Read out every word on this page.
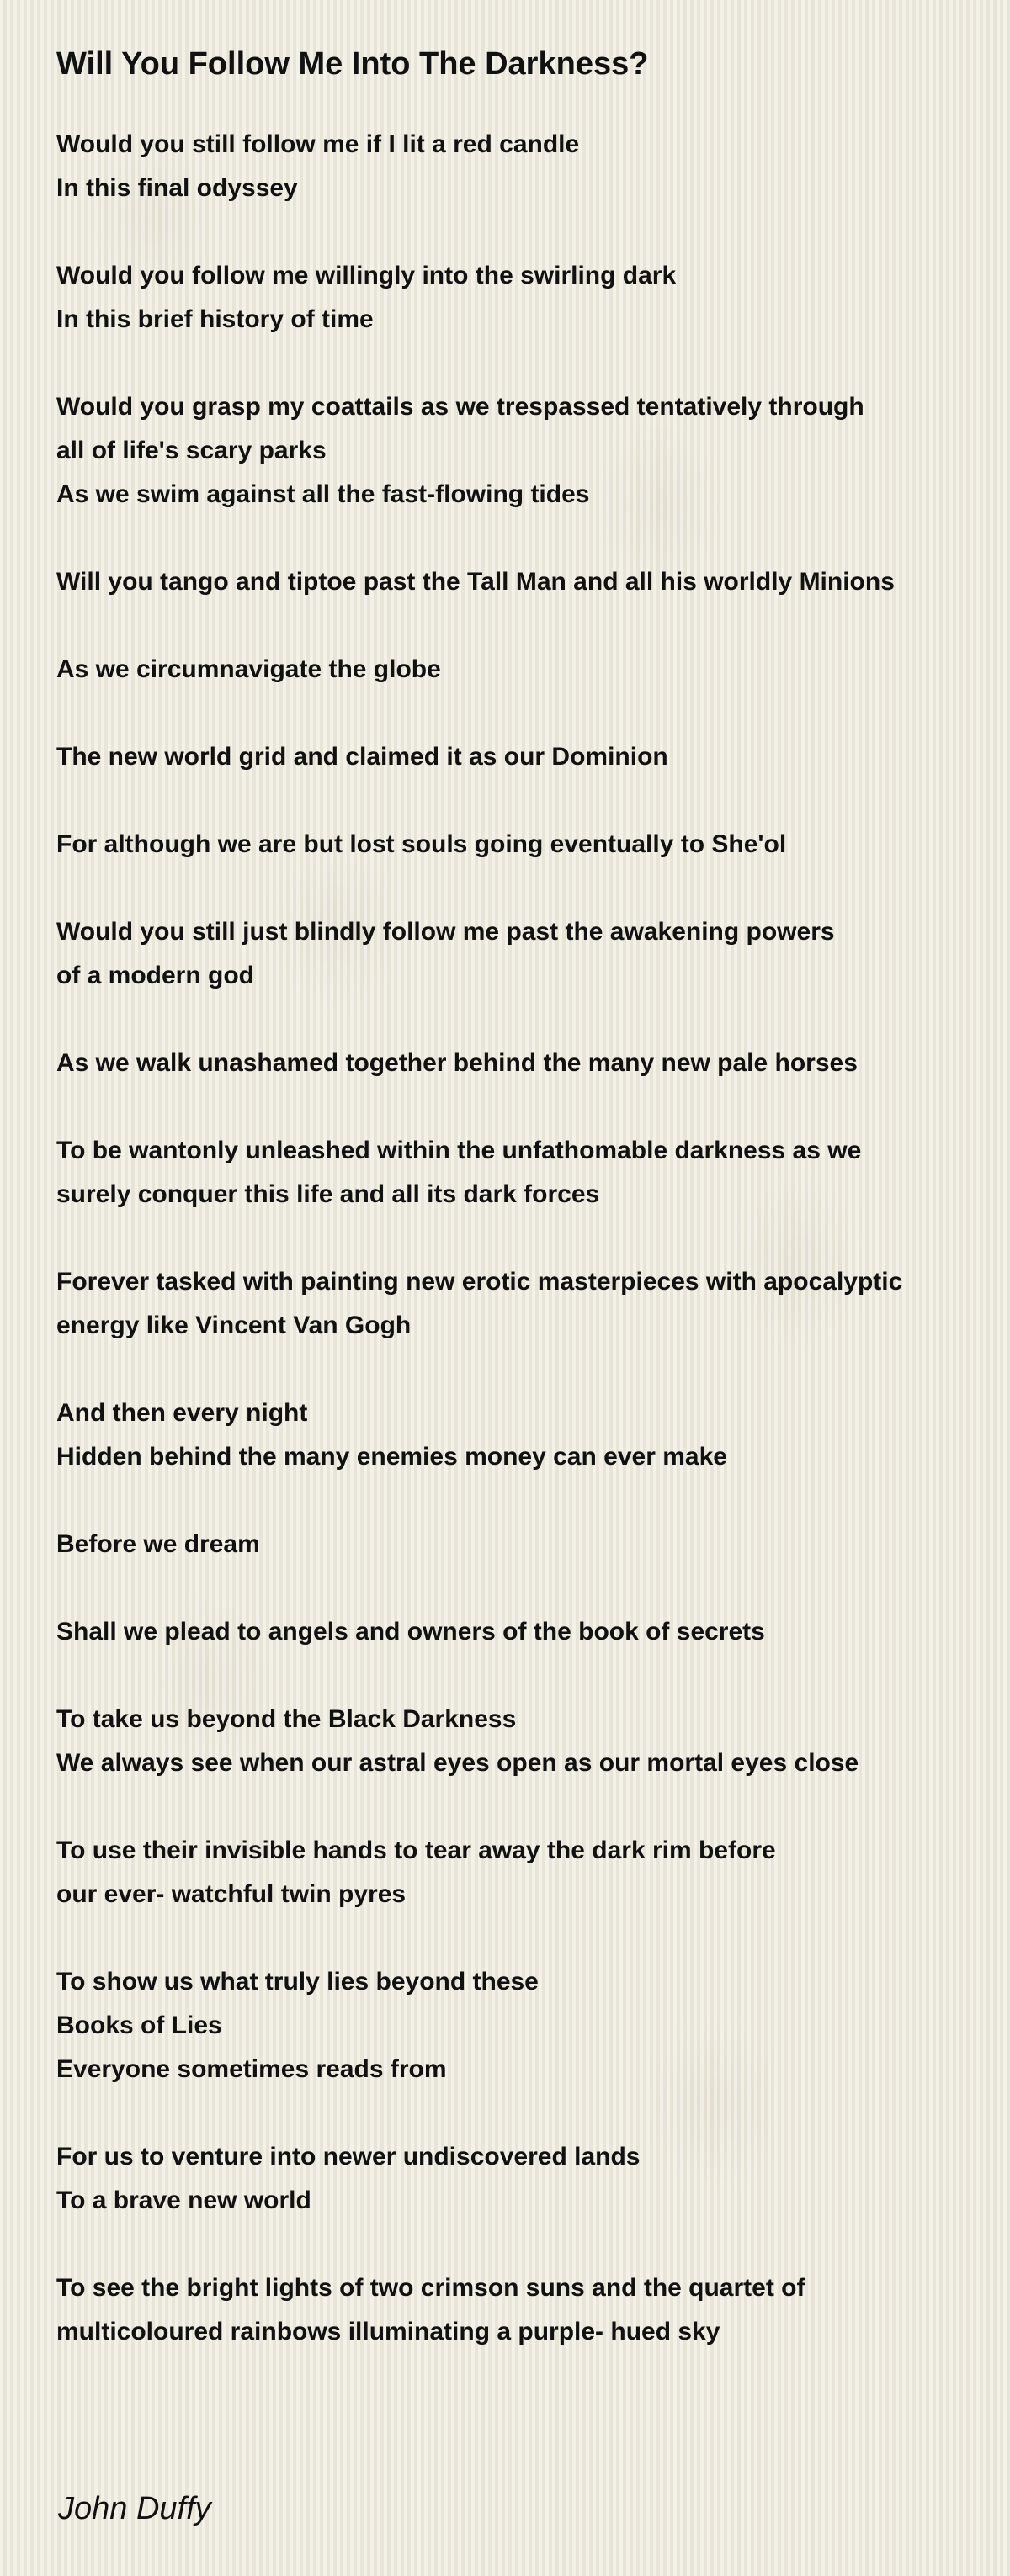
Will You Follow Me Into The Darkness?
Would you still follow me if I lit a red candle
In this final odyssey
Would you follow me willingly into the swirling dark
In this brief history of time
Would you grasp my coattails as we trespassed tentatively through
all of life's scary parks
As we swim against all the fast-flowing tides
Will you tango and tiptoe past the Tall Man and all his worldly Minions
As we circumnavigate the globe
The new world grid and claimed it as our Dominion
For although we are but lost souls going eventually to She'ol
Would you still just blindly follow me past the awakening powers
of a modern god
As we walk unashamed together behind the many new pale horses
To be wantonly unleashed within the unfathomable darkness as we
surely conquer this life and all its dark forces
Forever tasked with painting new erotic masterpieces with apocalyptic
energy like Vincent Van Gogh
And then every night
Hidden behind the many enemies money can ever make
Before we dream
Shall we plead to angels and owners of the book of secrets
To take us beyond the Black Darkness
We always see when our astral eyes open as our mortal eyes close
To use their invisible hands to tear away the dark rim before
our ever- watchful twin pyres
To show us what truly lies beyond these
Books of Lies
Everyone sometimes reads from
For us to venture into newer undiscovered lands
To a brave new world
To see the bright lights of two crimson suns and the quartet of
multicoloured rainbows illuminating a purple- hued sky
John Duffy
